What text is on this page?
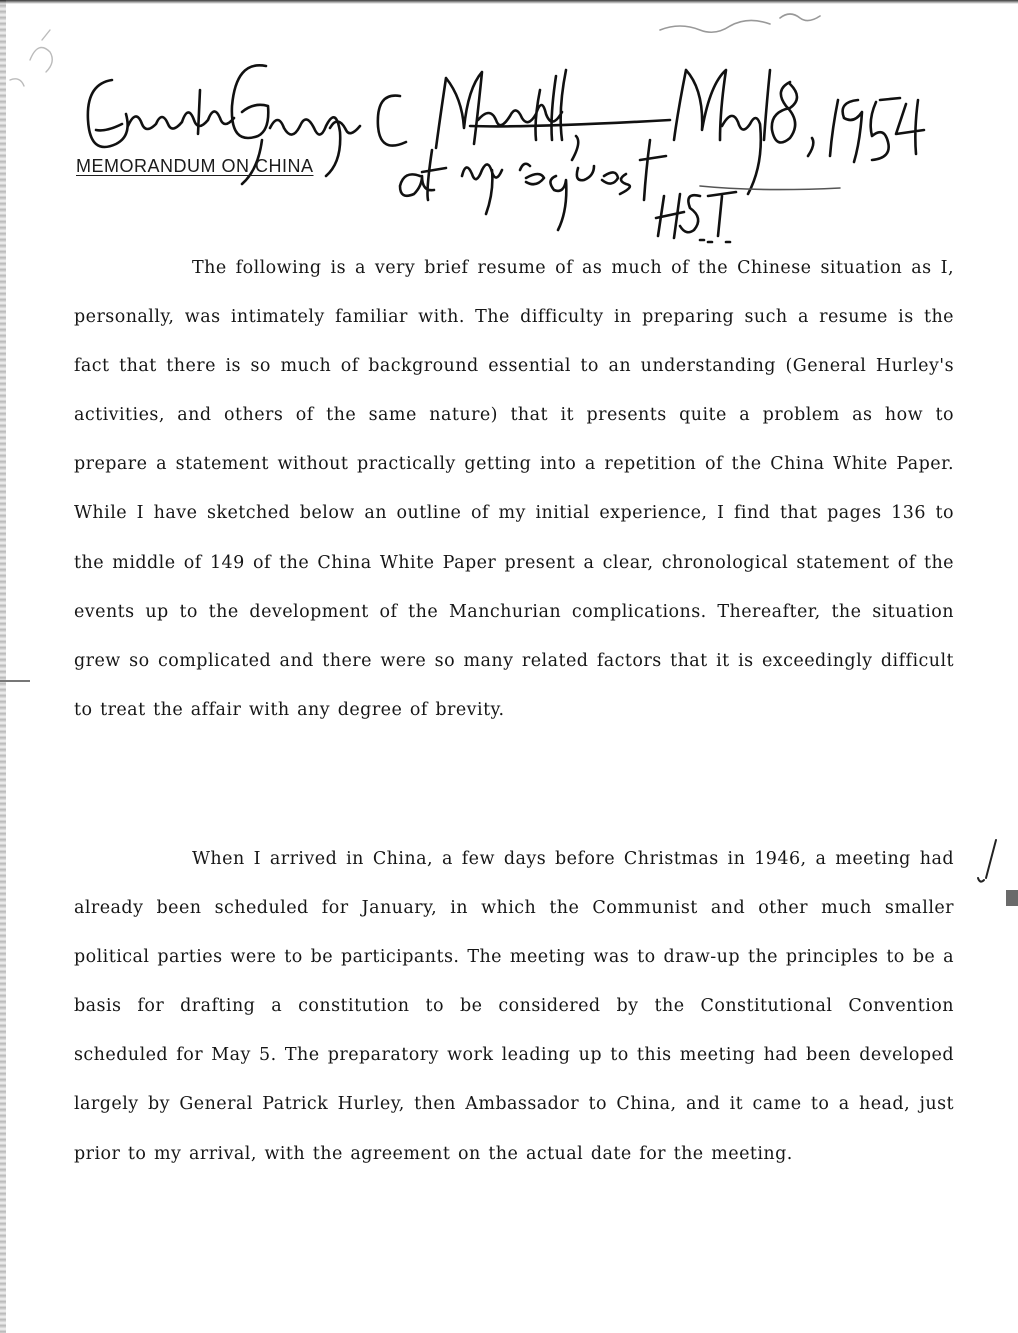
MEMORANDUM ON CHINA

The following is a very brief resume of as much of the Chinese situation as I, personally, was intimately familiar with. The difficulty in preparing such a resume is the fact that there is so much of background essential to an understanding (General Hurley's activities, and others of the same nature) that it presents quite a problem as how to prepare a statement without practically getting into a repetition of the China White Paper. While I have sketched below an outline of my initial experience, I find that pages 136 to the middle of 149 of the China White Paper present a clear, chronological statement of the events up to the development of the Manchurian complications. Thereafter, the situation grew so complicated and there were so many related factors that it is exceedingly difficult to treat the affair with any degree of brevity.

When I arrived in China, a few days before Christmas in 1946, a meeting had already been scheduled for January, in which the Communist and other much smaller political parties were to be participants. The meeting was to draw-up the principles to be a basis for drafting a constitution to be considered by the Constitutional Convention scheduled for May 5. The preparatory work leading up to this meeting had been developed largely by General Patrick Hurley, then Ambassador to China, and it came to a head, just prior to my arrival, with the agreement on the actual date for the meeting.
